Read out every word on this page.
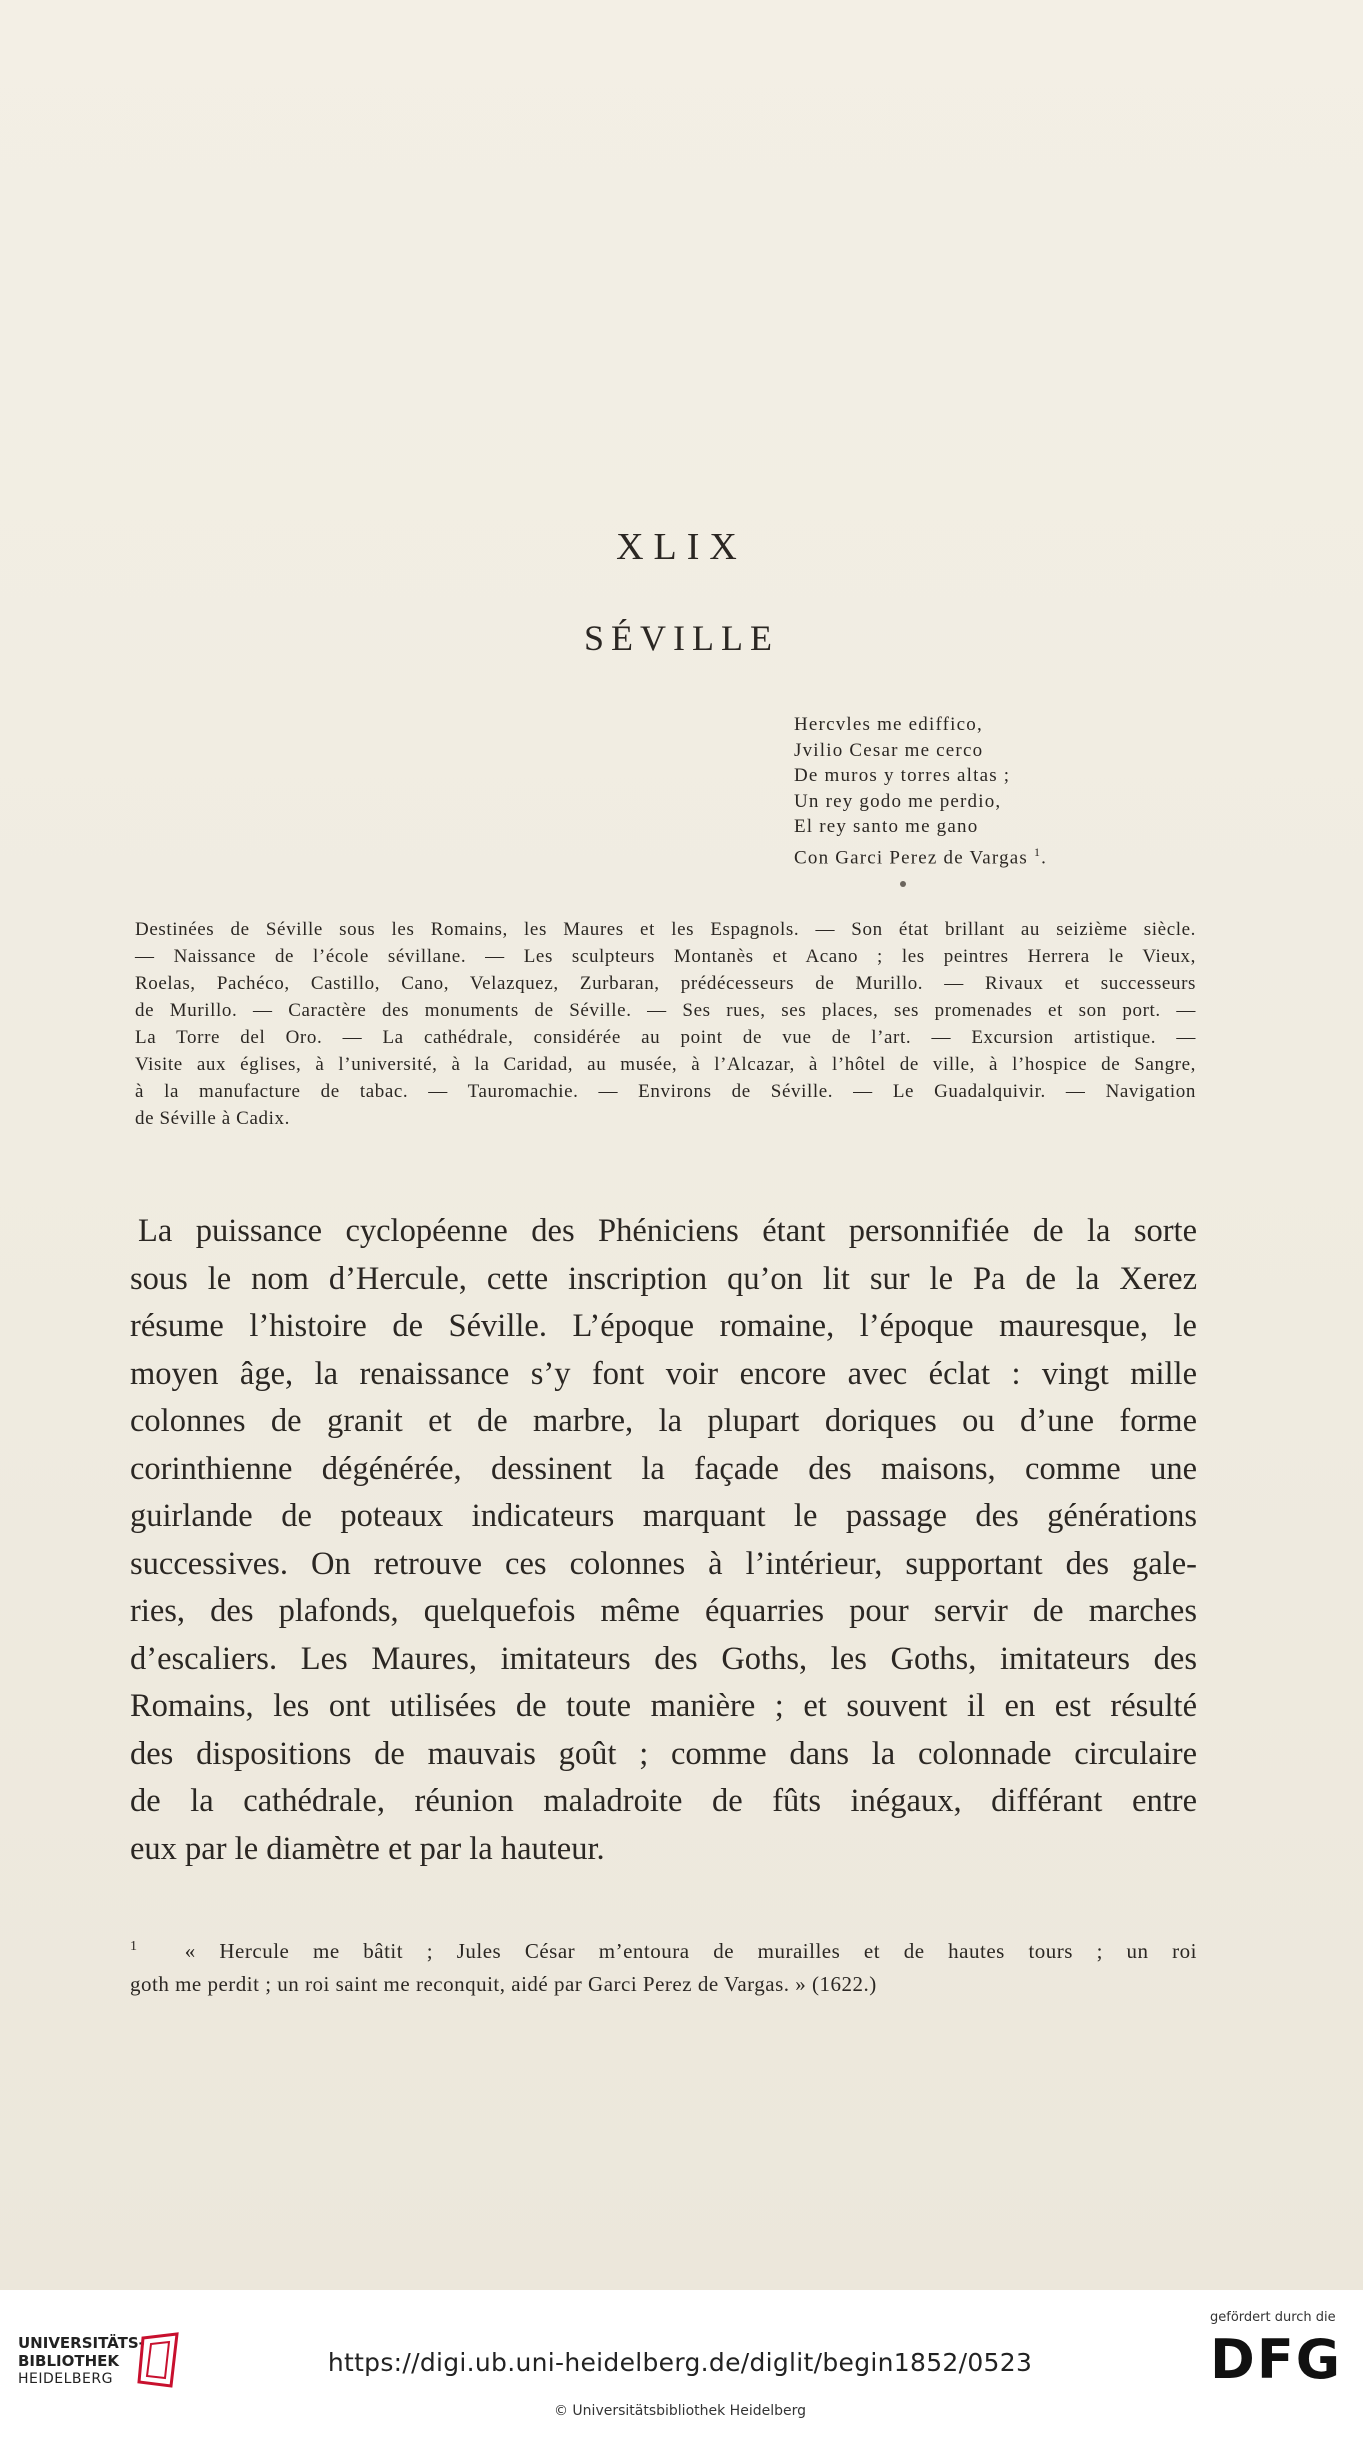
XLIX
SÉVILLE
Hercvles me ediffico,
Jvilio Cesar me cerco
De muros y torres altas ;
Un rey godo me perdio,
El rey santo me gano
Con Garci Perez de Vargas $^1$.
Destinées de Séville sous les Romains, les Maures et les Espagnols. — Son état brillant au seizième siècle.
— Naissance de l’école sévillane. — Les sculpteurs Montanès et Acano ; les peintres Herrera le Vieux,
Roelas, Pachéco, Castillo, Cano, Velazquez, Zurbaran, prédécesseurs de Murillo. — Rivaux et successeurs
de Murillo. — Caractère des monuments de Séville. — Ses rues, ses places, ses promenades et son port. —
La Torre del Oro. — La cathédrale, considérée au point de vue de l’art. — Excursion artistique. —
Visite aux églises, à l’université, à la Caridad, au musée, à l’Alcazar, à l’hôtel de ville, à l’hospice de Sangre,
à la manufacture de tabac. — Tauromachie. — Environs de Séville. — Le Guadalquivir. — Navigation
de Séville à Cadix.
La puissance cyclopéenne des Phéniciens étant personnifiée de la sorte
sous le nom d’Hercule, cette inscription qu’on lit sur le Pa de la Xerez
résume l’histoire de Séville. L’époque romaine, l’époque mauresque, le
moyen âge, la renaissance s’y font voir encore avec éclat : vingt mille
colonnes de granit et de marbre, la plupart doriques ou d’une forme
corinthienne dégénérée, dessinent la façade des maisons, comme une
guirlande de poteaux indicateurs marquant le passage des générations
successives. On retrouve ces colonnes à l’intérieur, supportant des gale-
ries, des plafonds, quelquefois même équarries pour servir de marches
d’escaliers. Les Maures, imitateurs des Goths, les Goths, imitateurs des
Romains, les ont utilisées de toute manière ; et souvent il en est résulté
des dispositions de mauvais goût ; comme dans la colonnade circulaire
de la cathédrale, réunion maladroite de fûts inégaux, différant entre
eux par le diamètre et par la hauteur.
$^1$ « Hercule me bâtit ; Jules César m’entoura de murailles et de hautes tours ; un roi
goth me perdit ; un roi saint me reconquit, aidé par Garci Perez de Vargas. » (1622.)
UNIVERSITÄTS-
BIBLIOTHEK
HEIDELBERG
https://digi.ub.uni-heidelberg.de/diglit/begin1852/0523
© Universitätsbibliothek Heidelberg
gefördert durch die
DFG
